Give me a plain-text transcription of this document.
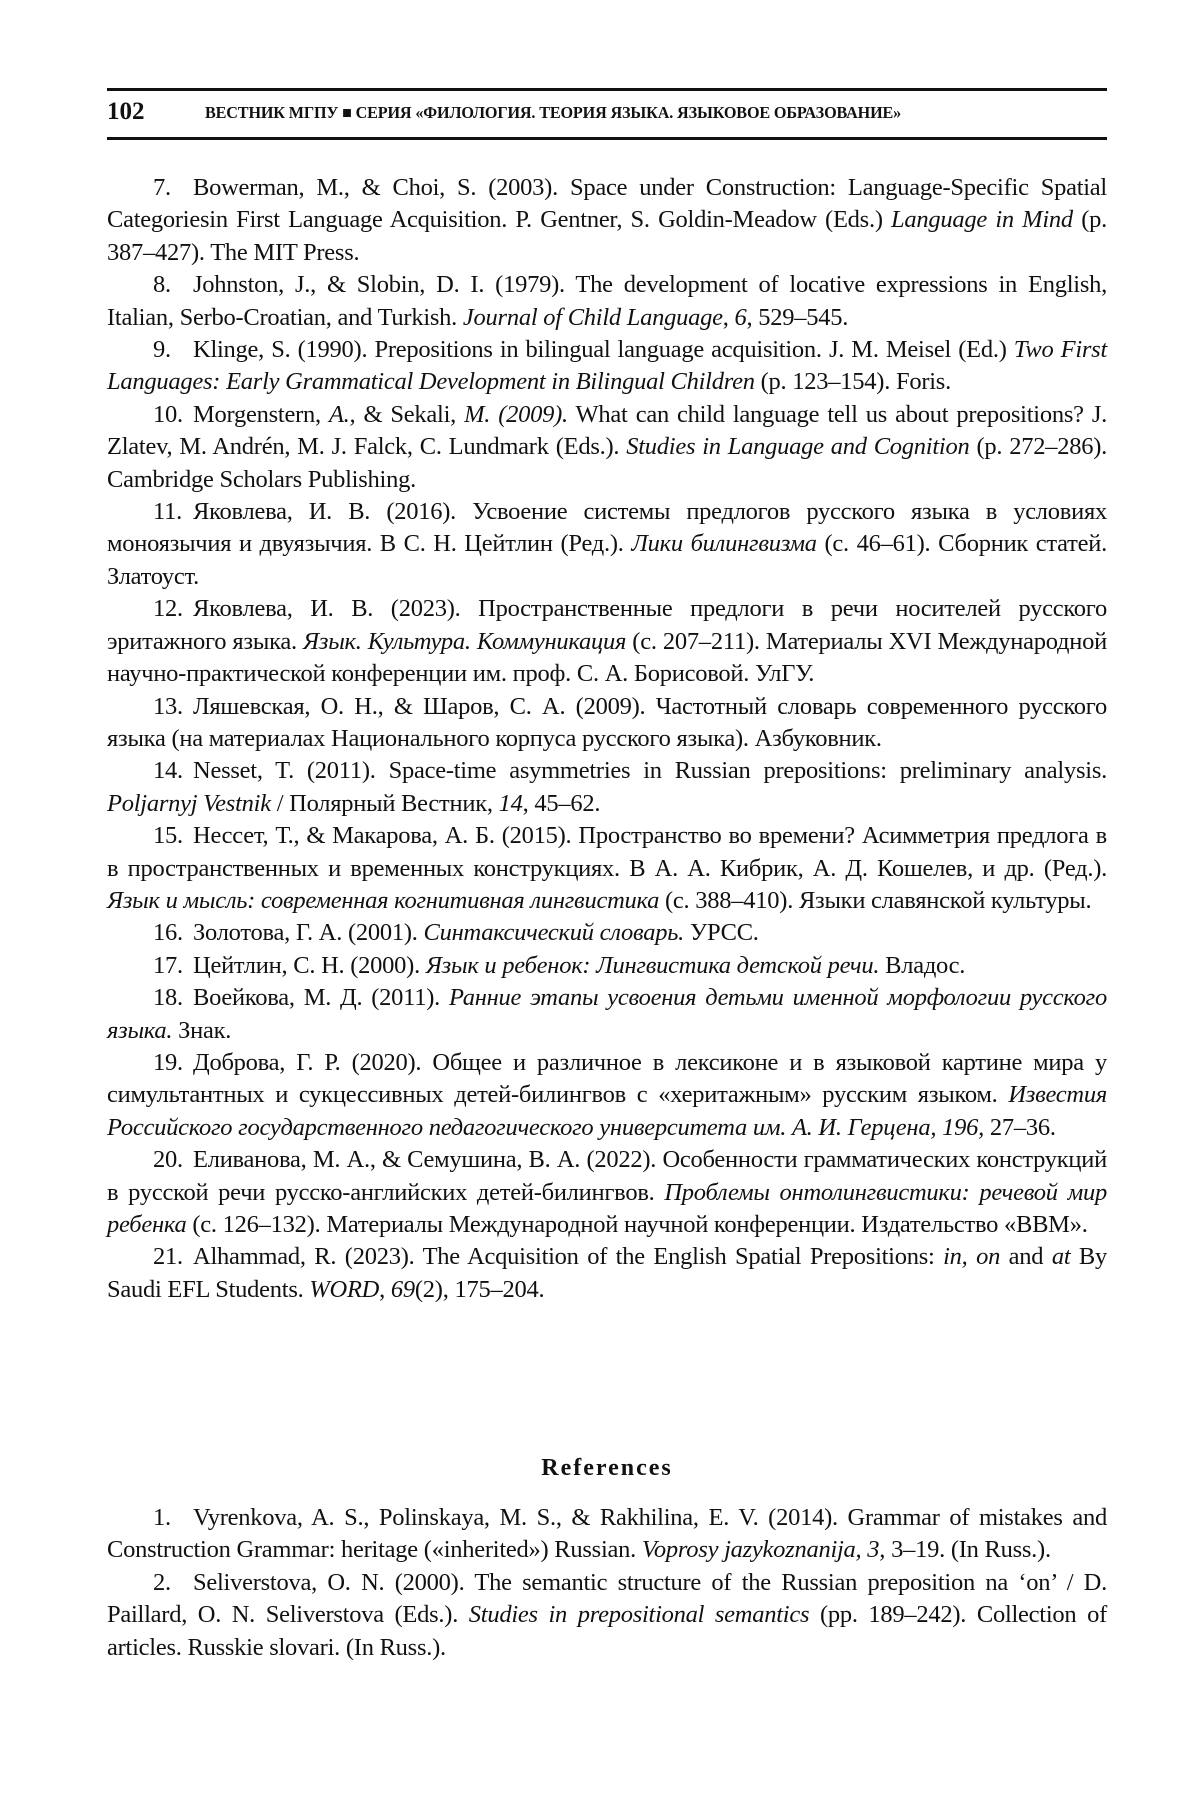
102	ВЕСТНИК МГПУ ■ СЕРИЯ «ФИЛОЛОГИЯ. ТЕОРИЯ ЯЗЫКА. ЯЗЫКОВОЕ ОБРАЗОВАНИЕ»

7. Bowerman, M., & Choi, S. (2003). Space under Construction: Language-Specific Spatial Categoriesin First Language Acquisition. P. Gentner, S. Goldin-Meadow (Eds.) Language in Mind (p. 387–427). The MIT Press.

8. Johnston, J., & Slobin, D. I. (1979). The development of locative expressions in English, Italian, Serbo-Croatian, and Turkish. Journal of Child Language, 6, 529–545.

9. Klinge, S. (1990). Prepositions in bilingual language acquisition. J. M. Meisel (Ed.) Two First Languages: Early Grammatical Development in Bilingual Children (p. 123–154). Foris.

10. Morgenstern, A., & Sekali, M. (2009). What can child language tell us about prepositions? J. Zlatev, M. Andrén, M. J. Falck, C. Lundmark (Eds.). Studies in Language and Cognition (p. 272–286). Cambridge Scholars Publishing.

11. Яковлева, И. В. (2016). Усвоение системы предлогов русского языка в условиях моноязычия и двуязычия. В С. Н. Цейтлин (Ред.). Лики билингвизма (с. 46–61). Сборник статей. Златоуст.

12. Яковлева, И. В. (2023). Пространственные предлоги в речи носителей русского эритажного языка. Язык. Культура. Коммуникация (с. 207–211). Материалы XVI Международной научно-практической конференции им. проф. С. А. Борисовой. УлГУ.

13. Ляшевская, О. Н., & Шаров, С. А. (2009). Частотный словарь современного русского языка (на материалах Национального корпуса русского языка). Азбуковник.

14. Nesset, T. (2011). Space-time asymmetries in Russian prepositions: preliminary analysis. Poljarnyj Vestnik / Полярный Вестник, 14, 45–62.

15. Нессет, Т., & Макарова, А. Б. (2015). Пространство во времени? Асимметрия предлога в в пространственных и временных конструкциях. В А. А. Кибрик, А. Д. Кошелев, и др. (Ред.). Язык и мысль: современная когнитивная лингвистика (с. 388–410). Языки славянской культуры.

16. Золотова, Г. А. (2001). Синтаксический словарь. УРСС.

17. Цейтлин, С. Н. (2000). Язык и ребенок: Лингвистика детской речи. Владос.

18. Воейкова, М. Д. (2011). Ранние этапы усвоения детьми именной морфологии русского языка. Знак.

19. Доброва, Г. Р. (2020). Общее и различное в лексиконе и в языковой картине мира у симультантных и сукцессивных детей-билингвов с «херитажным» русским языком. Известия Российского государственного педагогического университета им. А. И. Герцена, 196, 27–36.

20. Еливанова, М. А., & Семушина, В. А. (2022). Особенности грамматических конструкций в русской речи русско-английских детей-билингвов. Проблемы онтолингвистики: речевой мир ребенка (с. 126–132). Материалы Международной научной конференции. Издательство «ВВМ».

21. Alhammad, R. (2023). The Acquisition of the English Spatial Prepositions: in, on and at By Saudi EFL Students. WORD, 69(2), 175–204.

References

1. Vyrenkova, A. S., Polinskaya, M. S., & Rakhilina, E. V. (2014). Grammar of mistakes and Construction Grammar: heritage («inherited») Russian. Voprosy jazykoznanija, 3, 3–19. (In Russ.).

2. Seliverstova, O. N. (2000). The semantic structure of the Russian preposition na ‘on’ / D. Paillard, O. N. Seliverstova (Eds.). Studies in prepositional semantics (pp. 189–242). Collection of articles. Russkie slovari. (In Russ.).
